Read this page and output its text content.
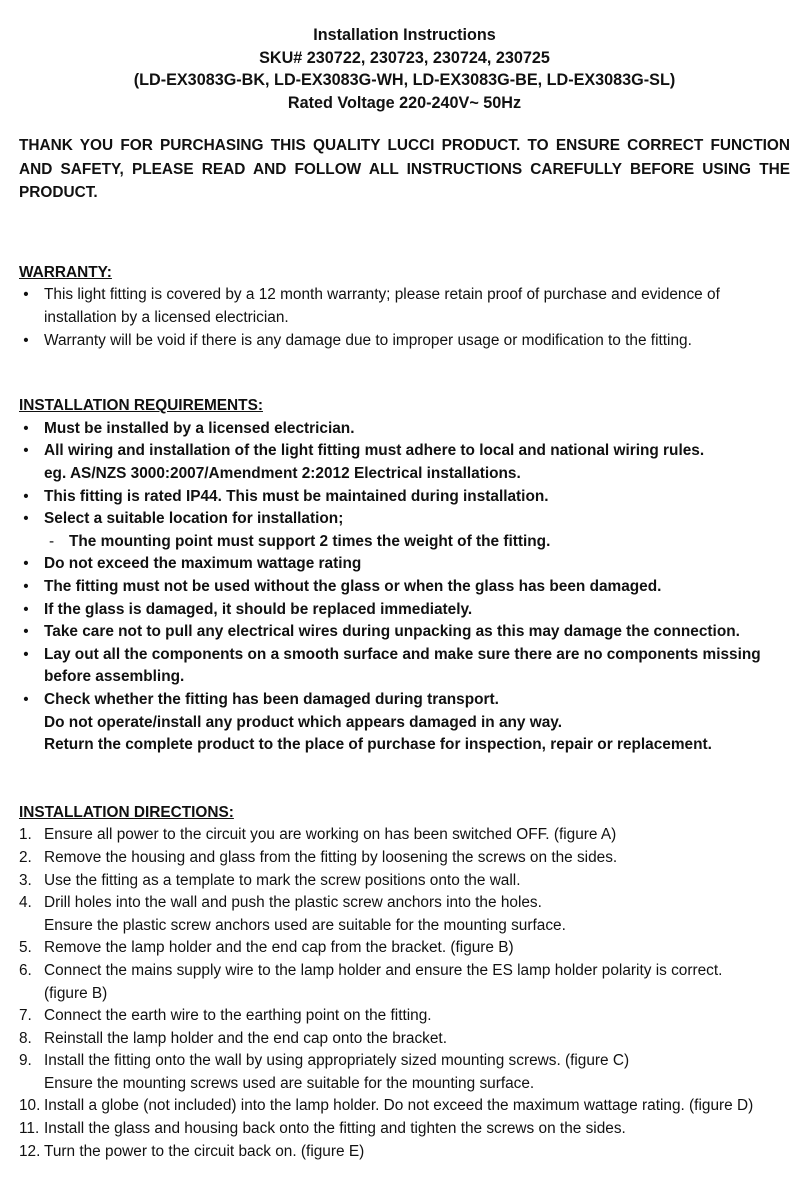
Installation Instructions
SKU# 230722, 230723, 230724, 230725
(LD-EX3083G-BK, LD-EX3083G-WH, LD-EX3083G-BE, LD-EX3083G-SL)
Rated Voltage 220-240V~ 50Hz

THANK YOU FOR PURCHASING THIS QUALITY LUCCI PRODUCT. TO ENSURE CORRECT FUNCTION AND SAFETY, PLEASE READ AND FOLLOW ALL INSTRUCTIONS CAREFULLY BEFORE USING THE PRODUCT.

WARRANTY:

• This light fitting is covered by a 12 month warranty; please retain proof of purchase and evidence of
installation by a licensed electrician.
• Warranty will be void if there is any damage due to improper usage or modification to the fitting.

INSTALLATION REQUIREMENTS:

• Must be installed by a licensed electrician.
• All wiring and installation of the light fitting must adhere to local and national wiring rules.
eg. AS/NZS 3000:2007/Amendment 2:2012 Electrical installations.
• This fitting is rated IP44. This must be maintained during installation.
• Select a suitable location for installation;
- The mounting point must support 2 times the weight of the fitting.
• Do not exceed the maximum wattage rating
• The fitting must not be used without the glass or when the glass has been damaged.
• If the glass is damaged, it should be replaced immediately.
• Take care not to pull any electrical wires during unpacking as this may damage the connection.
• Lay out all the components on a smooth surface and make sure there are no components missing
before assembling.
• Check whether the fitting has been damaged during transport.
Do not operate/install any product which appears damaged in any way.
Return the complete product to the place of purchase for inspection, repair or replacement.

INSTALLATION DIRECTIONS:

1. Ensure all power to the circuit you are working on has been switched OFF. (figure A)
2. Remove the housing and glass from the fitting by loosening the screws on the sides.
3. Use the fitting as a template to mark the screw positions onto the wall.
4. Drill holes into the wall and push the plastic screw anchors into the holes.
Ensure the plastic screw anchors used are suitable for the mounting surface.
5. Remove the lamp holder and the end cap from the bracket. (figure B)
6. Connect the mains supply wire to the lamp holder and ensure the ES lamp holder polarity is correct.
(figure B)
7. Connect the earth wire to the earthing point on the fitting.
8. Reinstall the lamp holder and the end cap onto the bracket.
9. Install the fitting onto the wall by using appropriately sized mounting screws. (figure C)
Ensure the mounting screws used are suitable for the mounting surface.
10. Install a globe (not included) into the lamp holder. Do not exceed the maximum wattage rating. (figure D)
11. Install the glass and housing back onto the fitting and tighten the screws on the sides.
12. Turn the power to the circuit back on. (figure E)
